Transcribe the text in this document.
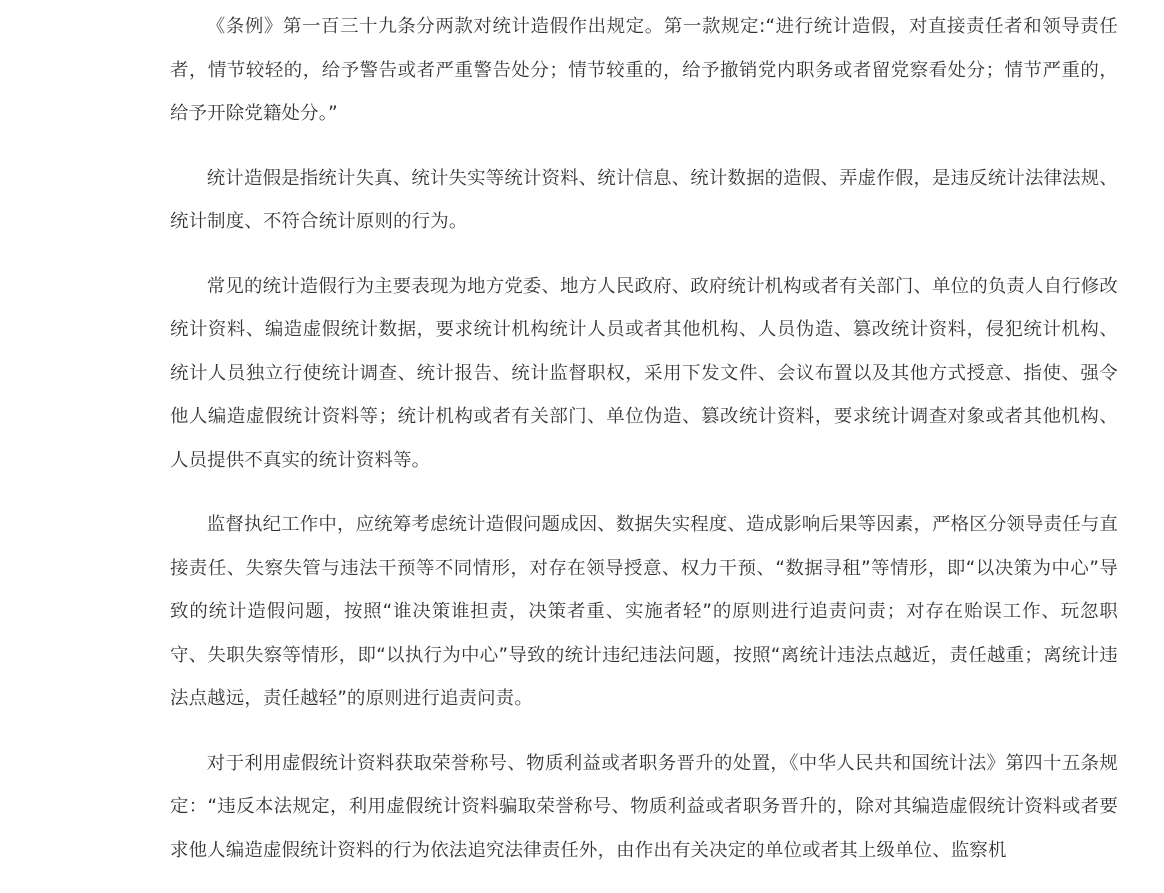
《条例》第一百三十九条分两款对统计造假作出规定。第一款规定:“进行统计造假，对直接责任者和领导责任者，情节较轻的，给予警告或者严重警告处分；情节较重的，给予撤销党内职务或者留党察看处分；情节严重的，给予开除党籍处分。”

统计造假是指统计失真、统计失实等统计资料、统计信息、统计数据的造假、弄虚作假，是违反统计法律法规、统计制度、不符合统计原则的行为。

常见的统计造假行为主要表现为地方党委、地方人民政府、政府统计机构或者有关部门、单位的负责人自行修改统计资料、编造虚假统计数据，要求统计机构统计人员或者其他机构、人员伪造、篡改统计资料，侵犯统计机构、统计人员独立行使统计调查、统计报告、统计监督职权，采用下发文件、会议布置以及其他方式授意、指使、强令他人编造虚假统计资料等；统计机构或者有关部门、单位伪造、篡改统计资料，要求统计调查对象或者其他机构、人员提供不真实的统计资料等。

监督执纪工作中，应统筹考虑统计造假问题成因、数据失实程度、造成影响后果等因素，严格区分领导责任与直接责任、失察失管与违法干预等不同情形，对存在领导授意、权力干预、“数据寻租”等情形，即“以决策为中心”导致的统计造假问题，按照“谁决策谁担责，决策者重、实施者轻”的原则进行追责问责；对存在贻误工作、玩忽职守、失职失察等情形，即“以执行为中心”导致的统计违纪违法问题，按照“离统计违法点越近，责任越重；离统计违法点越远，责任越轻”的原则进行追责问责。

对于利用虚假统计资料获取荣誉称号、物质利益或者职务晋升的处置，《中华人民共和国统计法》第四十五条规定：“违反本法规定，利用虚假统计资料骗取荣誉称号、物质利益或者职务晋升的，除对其编造虚假统计资料或者要求他人编造虚假统计资料的行为依法追究法律责任外，由作出有关决定的单位或者其上级单位、监察机
